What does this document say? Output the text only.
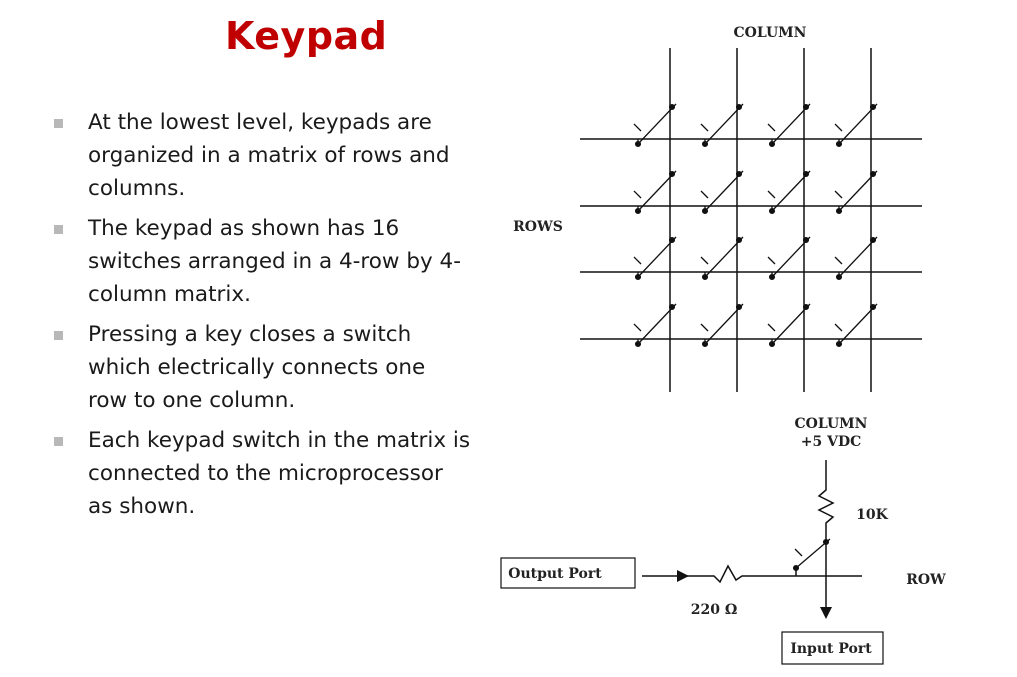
Keypad
At the lowest level, keypads are
organized in a matrix of rows and
columns.
The keypad as shown has 16
switches arranged in a 4-row by 4-
column matrix.
Pressing a key closes a switch
which electrically connects one
row to one column.
Each keypad switch in the matrix is
connected to the microprocessor
as shown.
COLUMN
ROWS
COLUMN
+5 VDC
10K
220 Ω
ROW
Output Port
Input Port
